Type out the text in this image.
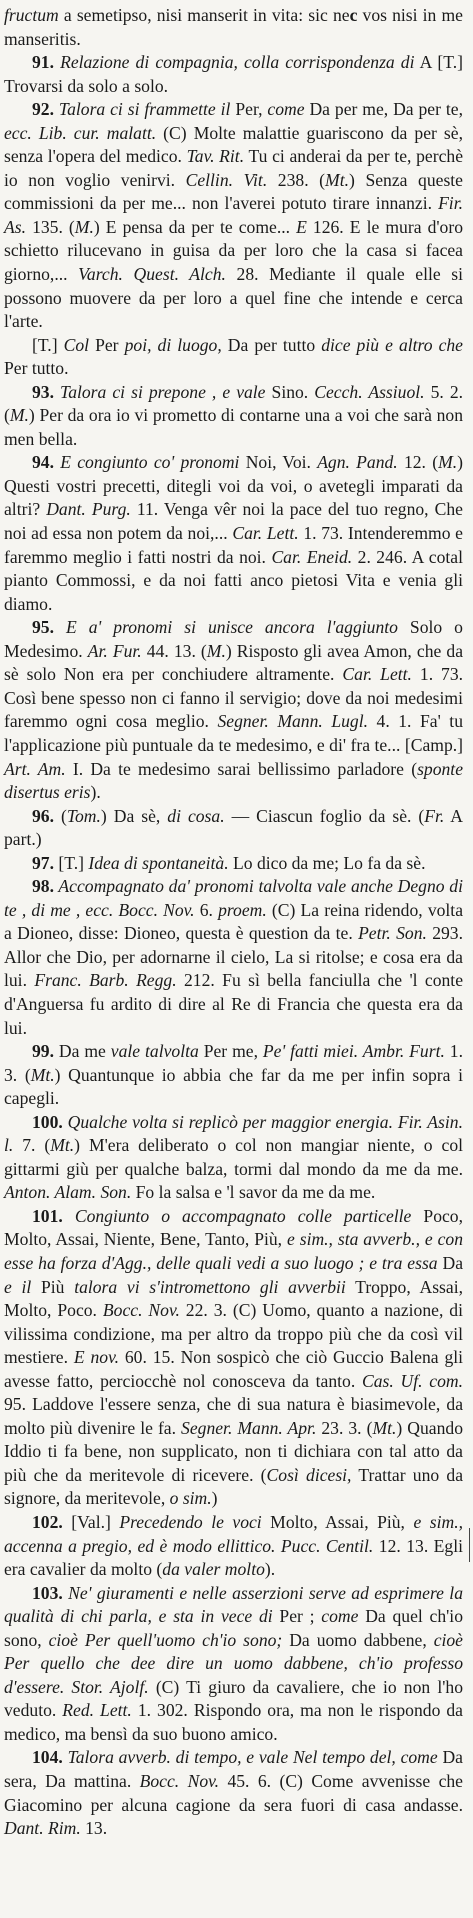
fructum a semetipso, nisi manserit in vita: sic nec vos nisi in me manseritis.

91. Relazione di compagnia, colla corrispondenza di A [T.] Trovarsi da solo a solo.

92. Talora ci si frammette il Per, come Da per me, Da per te, ecc. Lib. cur. malatt. (C) Molte malattie guariscono da per sè, senza l'opera del medico. Tav. Rit. Tu ci anderai da per te, perchè io non voglio venirvi. Cellin. Vit. 238. (Mt.) Senza queste commissioni da per me... non l'averei potuto tirare innanzi. Fir. As. 135. (M.) E pensa da per te come... E 126. E le mura d'oro schietto rilucevano in guisa da per loro che la casa si facea giorno,... Varch. Quest. Alch. 28. Mediante il quale elle si possono muovere da per loro a quel fine che intende e cerca l'arte.

[T.] Col Per poi, di luogo, Da per tutto dice più e altro che Per tutto.

93. Talora ci si prepone , e vale Sino. Cecch. Assiuol. 5. 2. (M.) Per da ora io vi prometto di contarne una a voi che sarà non men bella.

94. E congiunto co' pronomi Noi, Voi. Agn. Pand. 12. (M.) Questi vostri precetti, ditegli voi da voi, o avetegli imparati da altri? Dant. Purg. 11. Venga vêr noi la pace del tuo regno, Che noi ad essa non potem da noi,... Car. Lett. 1. 73. Intenderemmo e faremmo meglio i fatti nostri da noi. Car. Eneid. 2. 246. A cotal pianto Commossi, e da noi fatti anco pietosi Vita e venia gli diamo.

95. E a' pronomi si unisce ancora l'aggiunto Solo o Medesimo. Ar. Fur. 44. 13. (M.) Risposto gli avea Amon, che da sè solo Non era per conchiudere altramente. Car. Lett. 1. 73. Così bene spesso non ci fanno il servigio; dove da noi medesimi faremmo ogni cosa meglio. Segner. Mann. Lugl. 4. 1. Fa' tu l'applicazione più puntuale da te medesimo, e di' fra te... [Camp.] Art. Am. I. Da te medesimo sarai bellissimo parladore (sponte disertus eris).

96. (Tom.) Da sè, di cosa. — Ciascun foglio da sè. (Fr. A part.)

97. [T.] Idea di spontaneità. Lo dico da me; Lo fa da sè.

98. Accompagnato da' pronomi talvolta vale anche Degno di te , di me , ecc. Bocc. Nov. 6. proem. (C) La reina ridendo, volta a Dioneo, disse: Dioneo, questa è question da te. Petr. Son. 293. Allor che Dio, per adornarne il cielo, La si ritolse; e cosa era da lui. Franc. Barb. Regg. 212. Fu sì bella fanciulla che 'l conte d'Anguersa fu ardito di dire al Re di Francia che questa era da lui.

99. Da me vale talvolta Per me, Pe' fatti miei. Ambr. Furt. 1. 3. (Mt.) Quantunque io abbia che far da me per infin sopra i capegli.

100. Qualche volta si replicò per maggior energia. Fir. Asin. l. 7. (Mt.) M'era deliberato o col non mangiar niente, o col gittarmi giù per qualche balza, tormi dal mondo da me da me. Anton. Alam. Son. Fo la salsa e 'l savor da me da me.

101. Congiunto o accompagnato colle particelle Poco, Molto, Assai, Niente, Bene, Tanto, Più, e sim., sta avverb., e con esse ha forza d'Agg., delle quali vedi a suo luogo ; e tra essa Da e il Più talora vi s'intromettono gli avverbii Troppo, Assai, Molto, Poco. Bocc. Nov. 22. 3. (C) Uomo, quanto a nazione, di vilissima condizione, ma per altro da troppo più che da così vil mestiere. E nov. 60. 15. Non sospicò che ciò Guccio Balena gli avesse fatto, perciocchè nol conosceva da tanto. Cas. Uf. com. 95. Laddove l'essere senza, che di sua natura è biasimevole, da molto più divenire le fa. Segner. Mann. Apr. 23. 3. (Mt.) Quando Iddio ti fa bene, non supplicato, non ti dichiara con tal atto da più che da meritevole di ricevere. (Così dicesi, Trattar uno da signore, da meritevole, o sim.)

102. [Val.] Precedendo le voci Molto, Assai, Più, e sim., accenna a pregio, ed è modo ellittico. Pucc. Centil. 12. 13. Egli era cavalier da molto (da valer molto).

103. Ne' giuramenti e nelle asserzioni serve ad esprimere la qualità di chi parla, e sta in vece di Per ; come Da quel ch'io sono, cioè Per quell'uomo ch'io sono; Da uomo dabbene, cioè Per quello che dee dire un uomo dabbene, ch'io professo d'essere. Stor. Ajolf. (C) Ti giuro da cavaliere, che io non l'ho veduto. Red. Lett. 1. 302. Rispondo ora, ma non le rispondo da medico, ma bensì da suo buono amico.

104. Talora avverb. di tempo, e vale Nel tempo del, come Da sera, Da mattina. Bocc. Nov. 45. 6. (C) Come avvenisse che Giacomino per alcuna cagione da sera fuori di casa andasse. Dant. Rim. 13.
